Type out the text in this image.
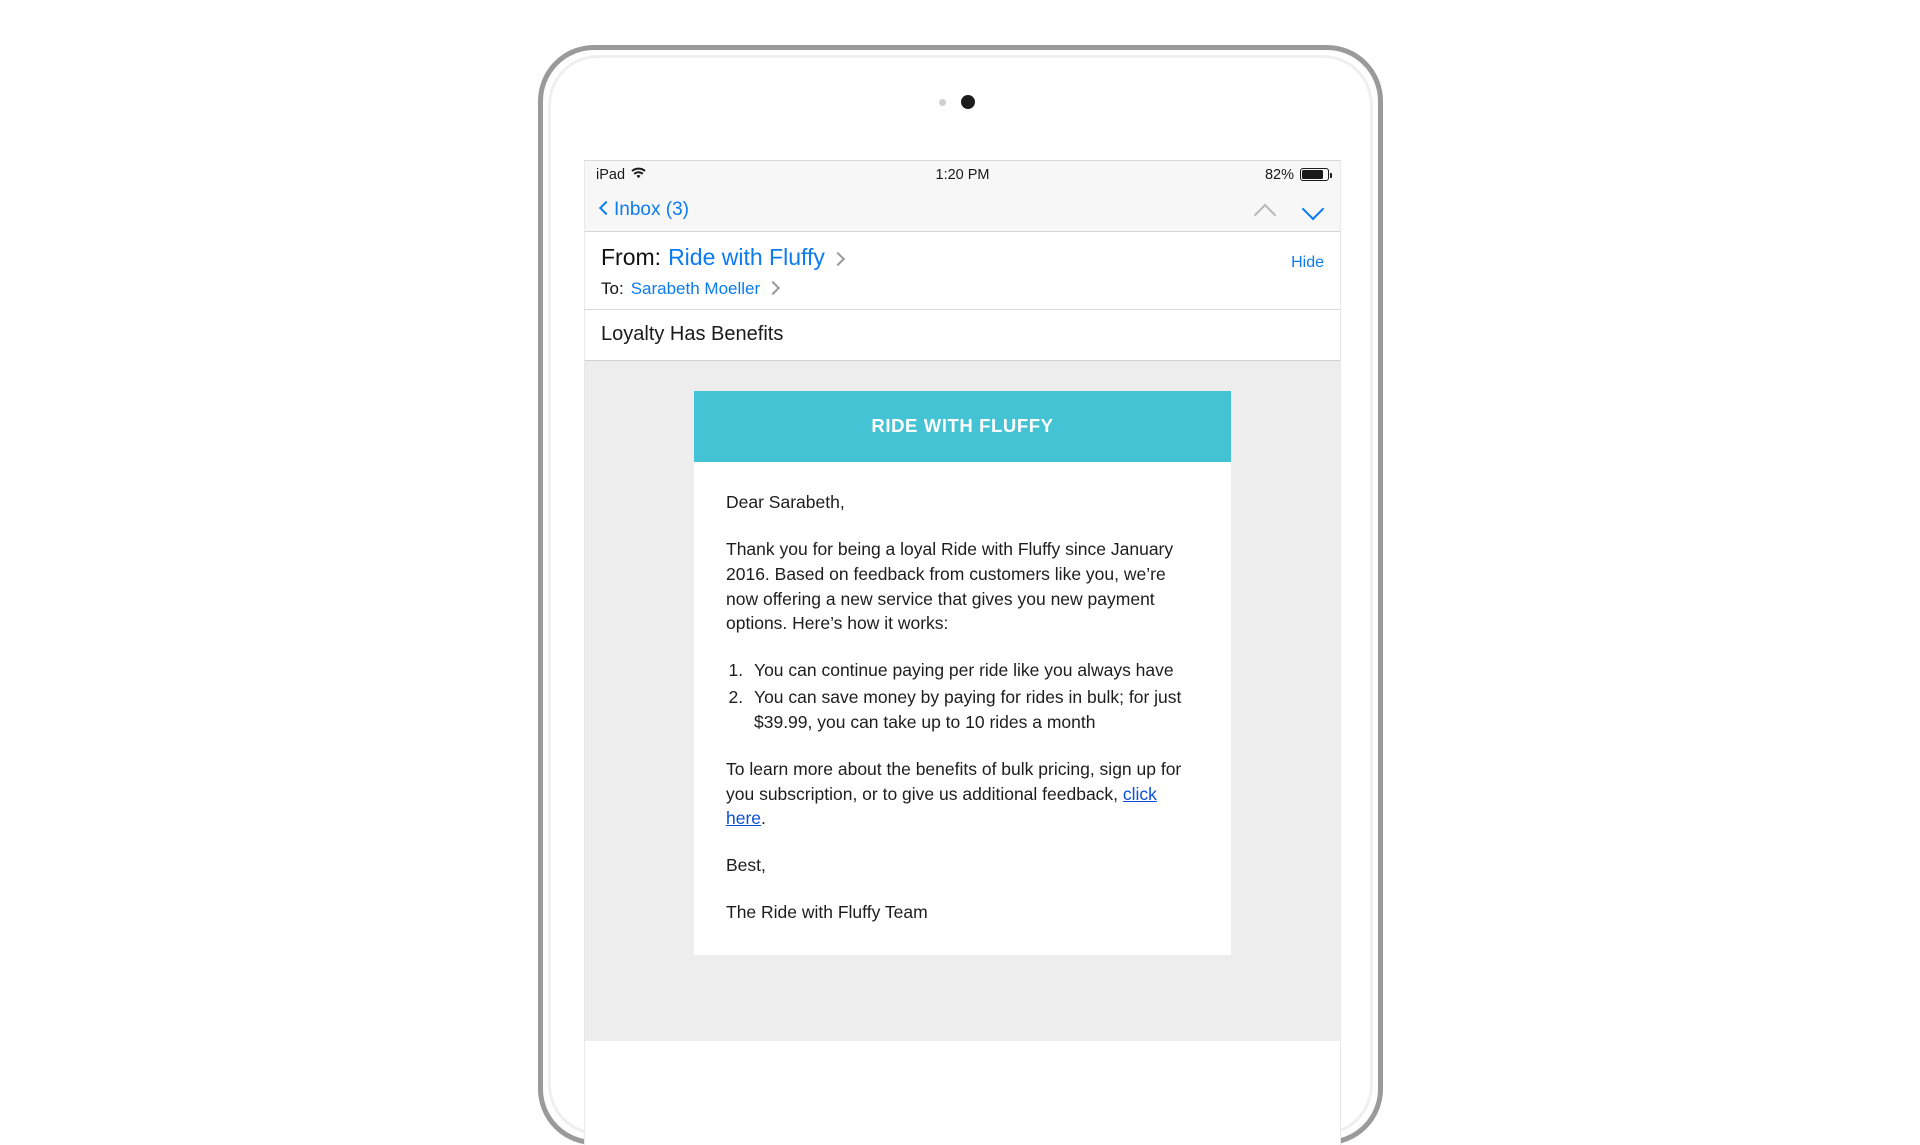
iPad	1:20 PM	82%
Inbox (3)
From: Ride with Fluffy
To: Sarabeth Moeller
Hide
Loyalty Has Benefits
RIDE WITH FLUFFY

Dear Sarabeth,

Thank you for being a loyal Ride with Fluffy since January 2016. Based on feedback from customers like you, we’re now offering a new service that gives you new payment options. Here’s how it works:

1. You can continue paying per ride like you always have
2. You can save money by paying for rides in bulk; for just $39.99, you can take up to 10 rides a month

To learn more about the benefits of bulk pricing, sign up for you subscription, or to give us additional feedback, click here.

Best,

The Ride with Fluffy Team
